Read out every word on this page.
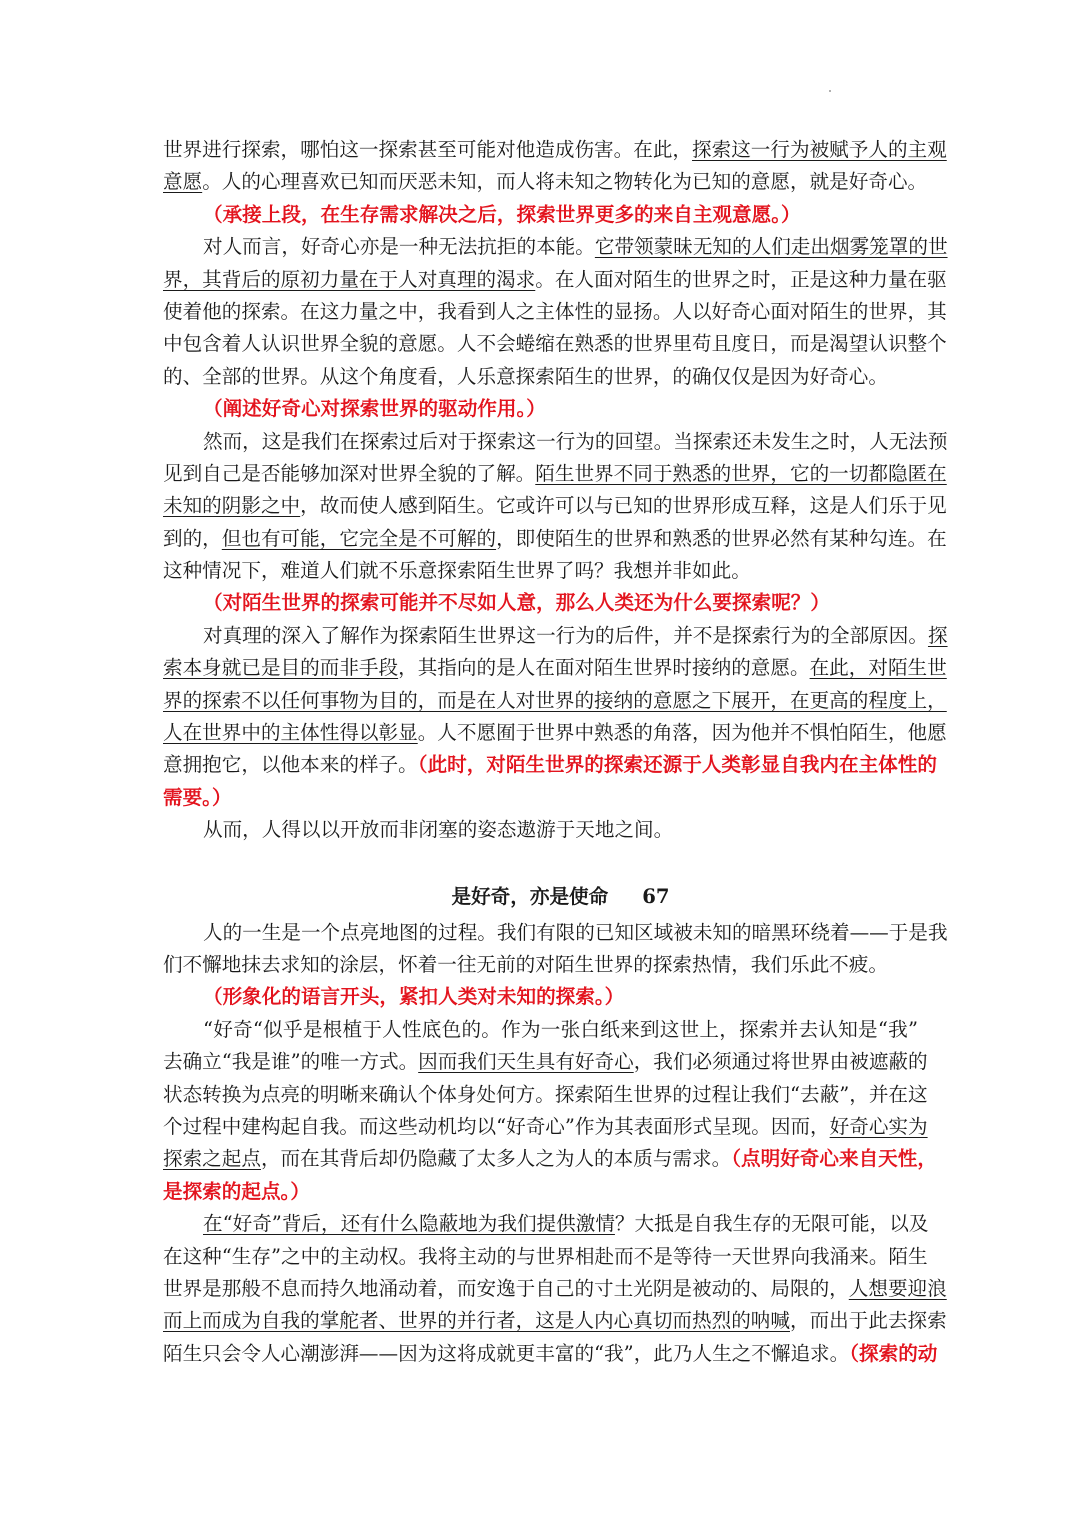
世界进行探索，哪怕这一探索甚至可能对他造成伤害。在此，探索这一行为被赋予人的主观
意愿。人的心理喜欢已知而厌恶未知，而人将未知之物转化为已知的意愿，就是好奇心。
（承接上段，在生存需求解决之后，探索世界更多的来自主观意愿。）
对人而言，好奇心亦是一种无法抗拒的本能。它带领蒙昧无知的人们走出烟雾笼罩的世
界，其背后的原初力量在于人对真理的渴求。在人面对陌生的世界之时，正是这种力量在驱
使着他的探索。在这力量之中，我看到人之主体性的显扬。人以好奇心面对陌生的世界，其
中包含着人认识世界全貌的意愿。人不会蜷缩在熟悉的世界里苟且度日，而是渴望认识整个
的、全部的世界。从这个角度看，人乐意探索陌生的世界，的确仅仅是因为好奇心。
（阐述好奇心对探索世界的驱动作用。）
然而，这是我们在探索过后对于探索这一行为的回望。当探索还未发生之时，人无法预
见到自己是否能够加深对世界全貌的了解。陌生世界不同于熟悉的世界，它的一切都隐匿在
未知的阴影之中，故而使人感到陌生。它或许可以与已知的世界形成互释，这是人们乐于见
到的，但也有可能，它完全是不可解的，即使陌生的世界和熟悉的世界必然有某种勾连。在
这种情况下，难道人们就不乐意探索陌生世界了吗？我想并非如此。
（对陌生世界的探索可能并不尽如人意，那么人类还为什么要探索呢？）
对真理的深入了解作为探索陌生世界这一行为的后件，并不是探索行为的全部原因。探
索本身就已是目的而非手段，其指向的是人在面对陌生世界时接纳的意愿。在此，对陌生世
界的探索不以任何事物为目的，而是在人对世界的接纳的意愿之下展开，在更高的程度上，
人在世界中的主体性得以彰显。人不愿囿于世界中熟悉的角落，因为他并不惧怕陌生，他愿
意拥抱它，以他本来的样子。（此时，对陌生世界的探索还源于人类彰显自我内在主体性的
需要。）
从而，人得以以开放而非闭塞的姿态遨游于天地之间。
是好奇，亦是使命 67
人的一生是一个点亮地图的过程。我们有限的已知区域被未知的暗黑环绕着——于是我
们不懈地抹去求知的涂层，怀着一往无前的对陌生世界的探索热情，我们乐此不疲。
（形象化的语言开头，紧扣人类对未知的探索。）
“好奇“似乎是根植于人性底色的。作为一张白纸来到这世上，探索并去认知是“我”
去确立“我是谁”的唯一方式。因而我们天生具有好奇心，我们必须通过将世界由被遮蔽的
状态转换为点亮的明晰来确认个体身处何方。探索陌生世界的过程让我们“去蔽”，并在这
个过程中建构起自我。而这些动机均以“好奇心”作为其表面形式呈现。因而，好奇心实为
探索之起点，而在其背后却仍隐藏了太多人之为人的本质与需求。（点明好奇心来自天性，
是探索的起点。）
在“好奇”背后，还有什么隐蔽地为我们提供激情？大抵是自我生存的无限可能，以及
在这种“生存”之中的主动权。我将主动的与世界相赴而不是等待一天世界向我涌来。陌生
世界是那般不息而持久地涌动着，而安逸于自己的寸土光阴是被动的、局限的，人想要迎浪
而上而成为自我的掌舵者、世界的并行者，这是人内心真切而热烈的呐喊，而出于此去探索
陌生只会令人心潮澎湃——因为这将成就更丰富的“我”，此乃人生之不懈追求。（探索的动
